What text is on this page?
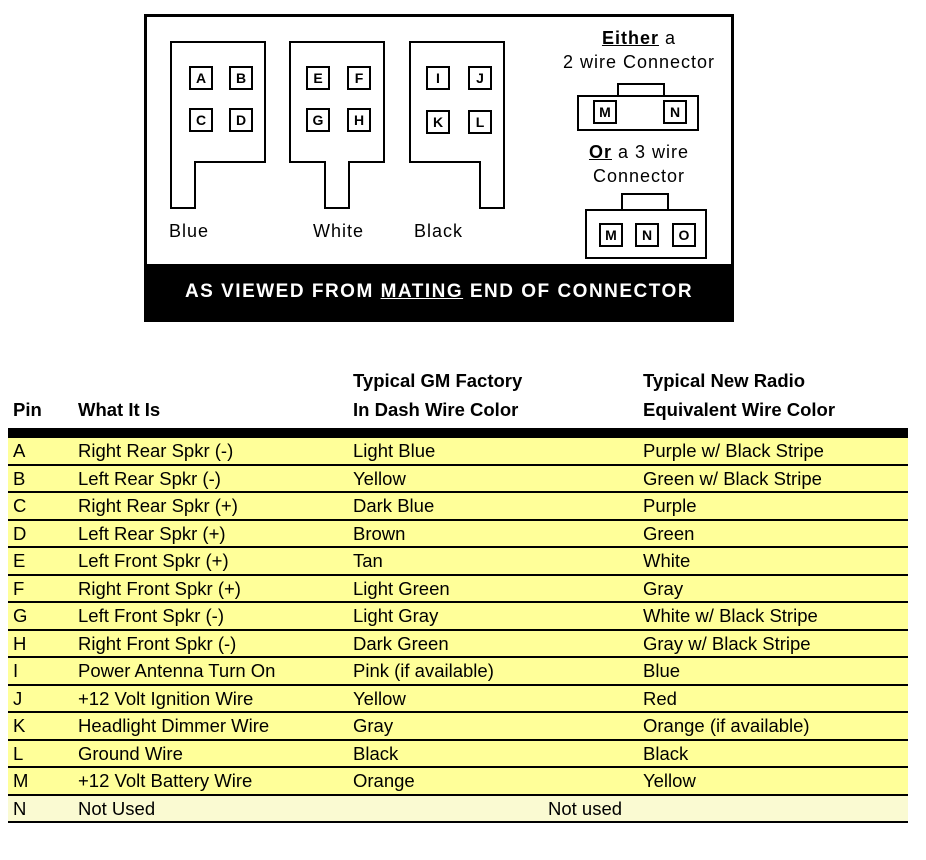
A	B
C	D
Blue
E	F
G	H
White
I	J
K	L
Black
Either a
2 wire Connector
M	N
Or a 3 wire
Connector
M	N	O
AS VIEWED FROM MATING END OF CONNECTOR
Pin What It Is
Typical GM Factory
In Dash Wire Color
Typical New Radio
Equivalent Wire Color
A	Right Rear Spkr (-)	Light Blue	Purple w/ Black Stripe
B	Left Rear Spkr (-)	Yellow	Green w/ Black Stripe
C	Right Rear Spkr (+)	Dark Blue	Purple
D	Left Rear Spkr (+)	Brown	Green
E	Left Front Spkr (+)	Tan	White
F	Right Front Spkr (+)	Light Green	Gray
G	Left Front Spkr (-)	Light Gray	White w/ Black Stripe
H	Right Front Spkr (-)	Dark Green	Gray w/ Black Stripe
I	Power Antenna Turn On	Pink (if available)	Blue
J	+12 Volt Ignition Wire	Yellow	Red
K	Headlight Dimmer Wire	Gray	Orange (if available)
L	Ground Wire	Black	Black
M	+12 Volt Battery Wire	Orange	Yellow
N	Not Used	Not used
